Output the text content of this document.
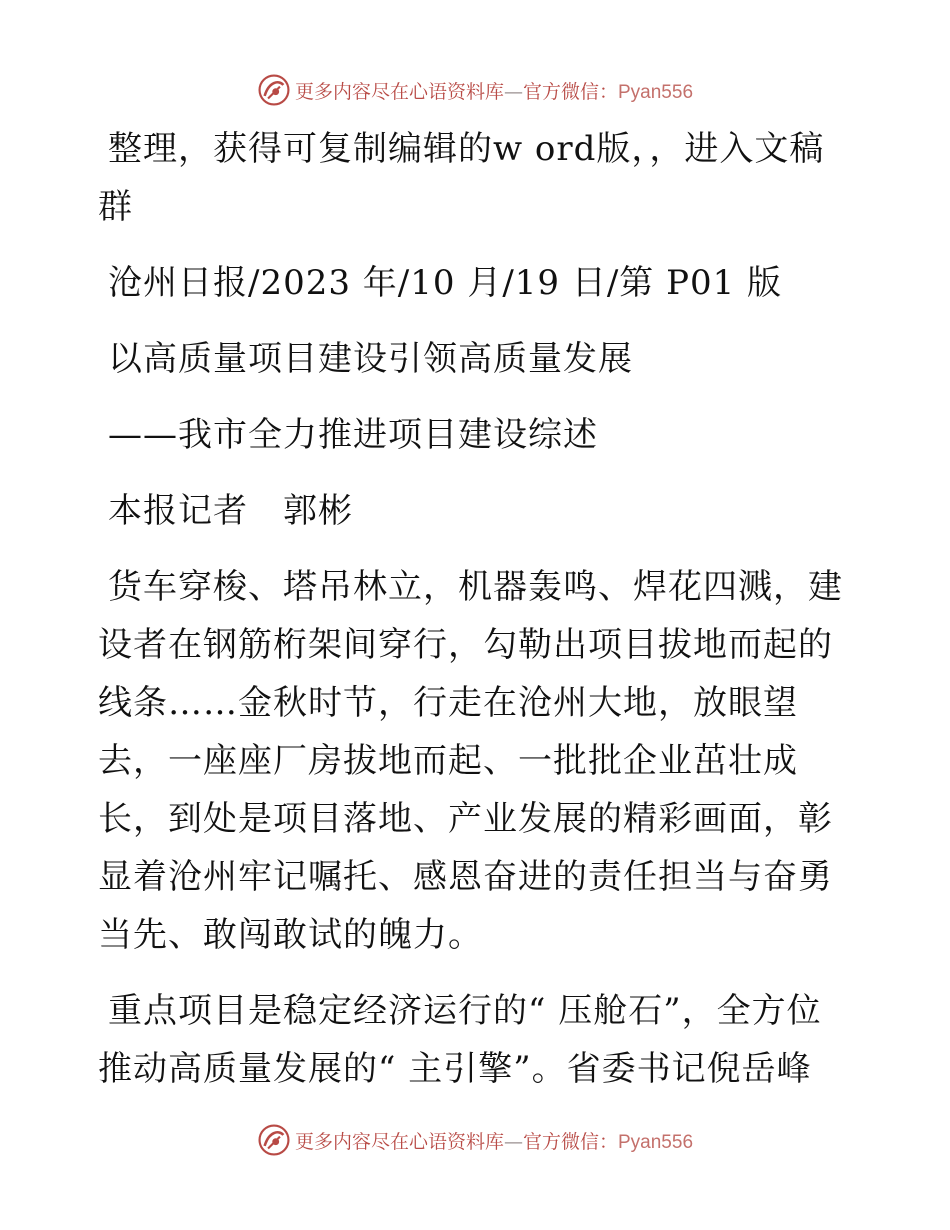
更多内容尽在心语资料库—官方微信：Pyan556

整理，获得可复制编辑的w ord版，，进入文稿群

沧州日报/2023 年/10 月/19 日/第 P01 版

以高质量项目建设引领高质量发展

——我市全力推进项目建设综述

本报记者　郭彬

货车穿梭、塔吊林立，机器轰鸣、焊花四溅，建设者在钢筋桁架间穿行，勾勒出项目拔地而起的线条……金秋时节，行走在沧州大地，放眼望去，一座座厂房拔地而起、一批批企业茁壮成长，到处是项目落地、产业发展的精彩画面，彰显着沧州牢记嘱托、感恩奋进的责任担当与奋勇当先、敢闯敢试的魄力。

重点项目是稳定经济运行的“ 压舱石”，全方位推动高质量发展的“ 主引擎”。省委书记倪岳峰

更多内容尽在心语资料库—官方微信：Pyan556
